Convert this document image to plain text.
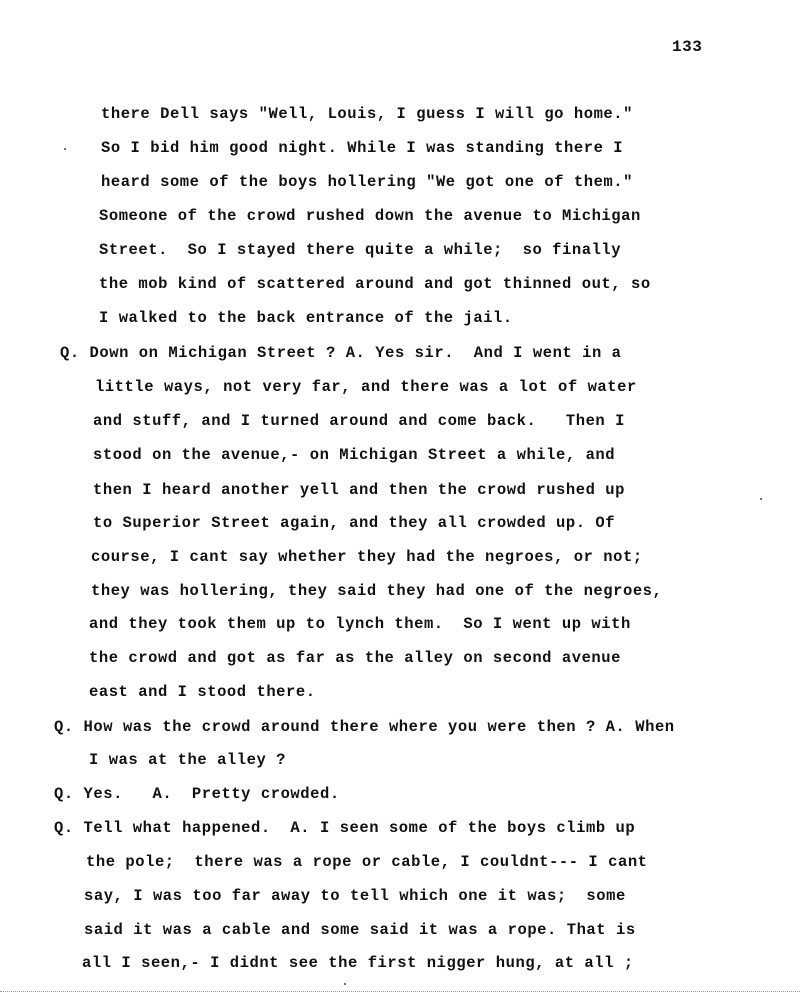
133
there Dell says "Well, Louis, I guess I will go home."
So I bid him good night. While I was standing there I
heard some of the boys hollering "We got one of them."
Someone of the crowd rushed down the avenue to Michigan
Street.  So I stayed there quite a while;  so finally
the mob kind of scattered around and got thinned out, so
I walked to the back entrance of the jail.
Q. Down on Michigan Street ? A. Yes sir.  And I went in a
little ways, not very far, and there was a lot of water
and stuff, and I turned around and come back.   Then I
stood on the avenue,- on Michigan Street a while, and
then I heard another yell and then the crowd rushed up
to Superior Street again, and they all crowded up. Of
course, I cant say whether they had the negroes, or not;
they was hollering, they said they had one of the negroes,
and they took them up to lynch them.  So I went up with
the crowd and got as far as the alley on second avenue
east and I stood there.
Q. How was the crowd around there where you were then ? A. When
I was at the alley ?
Q. Yes.   A.  Pretty crowded.
Q. Tell what happened.  A. I seen some of the boys climb up
the pole;  there was a rope or cable, I couldnt--- I cant
say, I was too far away to tell which one it was;  some
said it was a cable and some said it was a rope. That is
all I seen,- I didnt see the first nigger hung, at all ;
